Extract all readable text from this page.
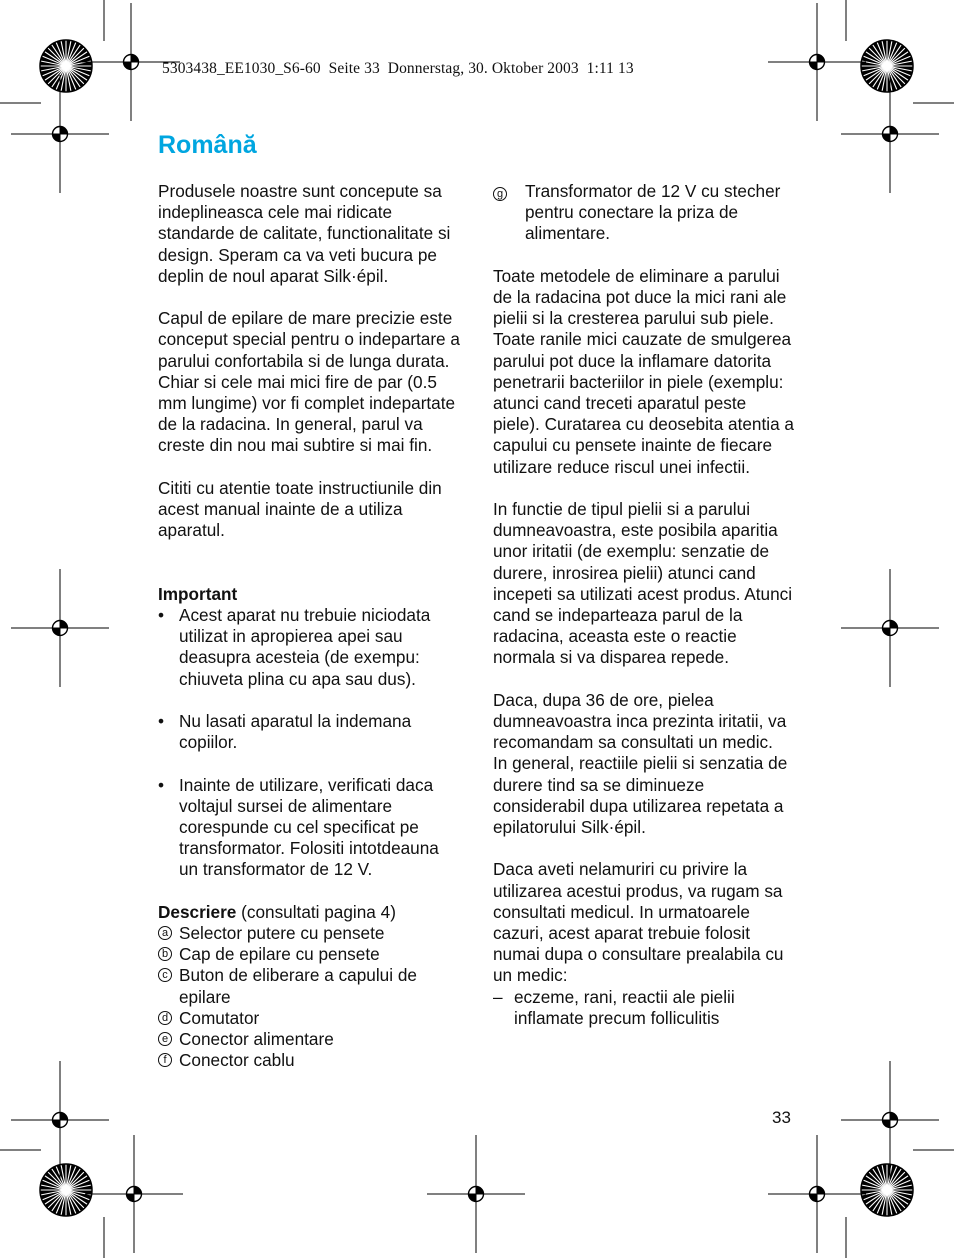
5303438_EE1030_S6-60  Seite 33  Donnerstag, 30. Oktober 2003  1:11 13
Română

Produsele noastre sunt concepute sa indeplineasca cele mai ridicate standarde de calitate, functionalitate si design. Speram ca va veti bucura pe deplin de noul aparat Silk·épil.

Capul de epilare de mare precizie este conceput special pentru o indepartare a parului confortabila si de lunga durata. Chiar si cele mai mici fire de par (0.5 mm lungime) vor fi complet indepartate de la radacina. In general, parul va creste din nou mai subtire si mai fin.

Cititi cu atentie toate instructiunile din acest manual inainte de a utiliza aparatul.

Important
• Acest aparat nu trebuie niciodata utilizat in apropierea apei sau deasupra acesteia (de exempu: chiuveta plina cu apa sau dus).
• Nu lasati aparatul la indemana copiilor.
• Inainte de utilizare, verificati daca voltajul sursei de alimentare corespunde cu cel specificat pe transformator. Folositi intotdeauna un transformator de 12 V.
Descriere (consultati pagina 4)
a Selector putere cu pensete
b Cap de epilare cu pensete
c Buton de eliberare a capului de epilare
d Comutator
e Conector alimentare
f Conector cablu
g	Transformator de 12 V cu stecher pentru conectare la priza de alimentare.

Toate metodele de eliminare a parului de la radacina pot duce la mici rani ale pielii si la cresterea parului sub piele. Toate ranile mici cauzate de smulgerea parului pot duce la inflamare datorita penetrarii bacteriilor in piele (exemplu: atunci cand treceti aparatul peste piele). Curatarea cu deosebita atentia a capului cu pensete inainte de fiecare utilizare reduce riscul unei infectii.

In functie de tipul pielii si a parului dumneavoastra, este posibila aparitia unor iritatii (de exemplu: senzatie de durere, inrosirea pielii) atunci cand incepeti sa utilizati acest produs. Atunci cand se indeparteaza parul de la radacina, aceasta este o reactie normala si va disparea repede.

Daca, dupa 36 de ore, pielea dumneavoastra inca prezinta iritatii, va recomandam sa consultati un medic.

In general, reactiile pielii si senzatia de durere tind sa se diminueze considerabil dupa utilizarea repetata a epilatorului Silk·épil.

Daca aveti nelamuriri cu privire la utilizarea acestui produs, va rugam sa consultati medicul. In urmatoarele cazuri, acest aparat trebuie folosit numai dupa o consultare prealabila cu un medic:

– eczeme, rani, reactii ale pielii inflamate precum folliculitis
33
